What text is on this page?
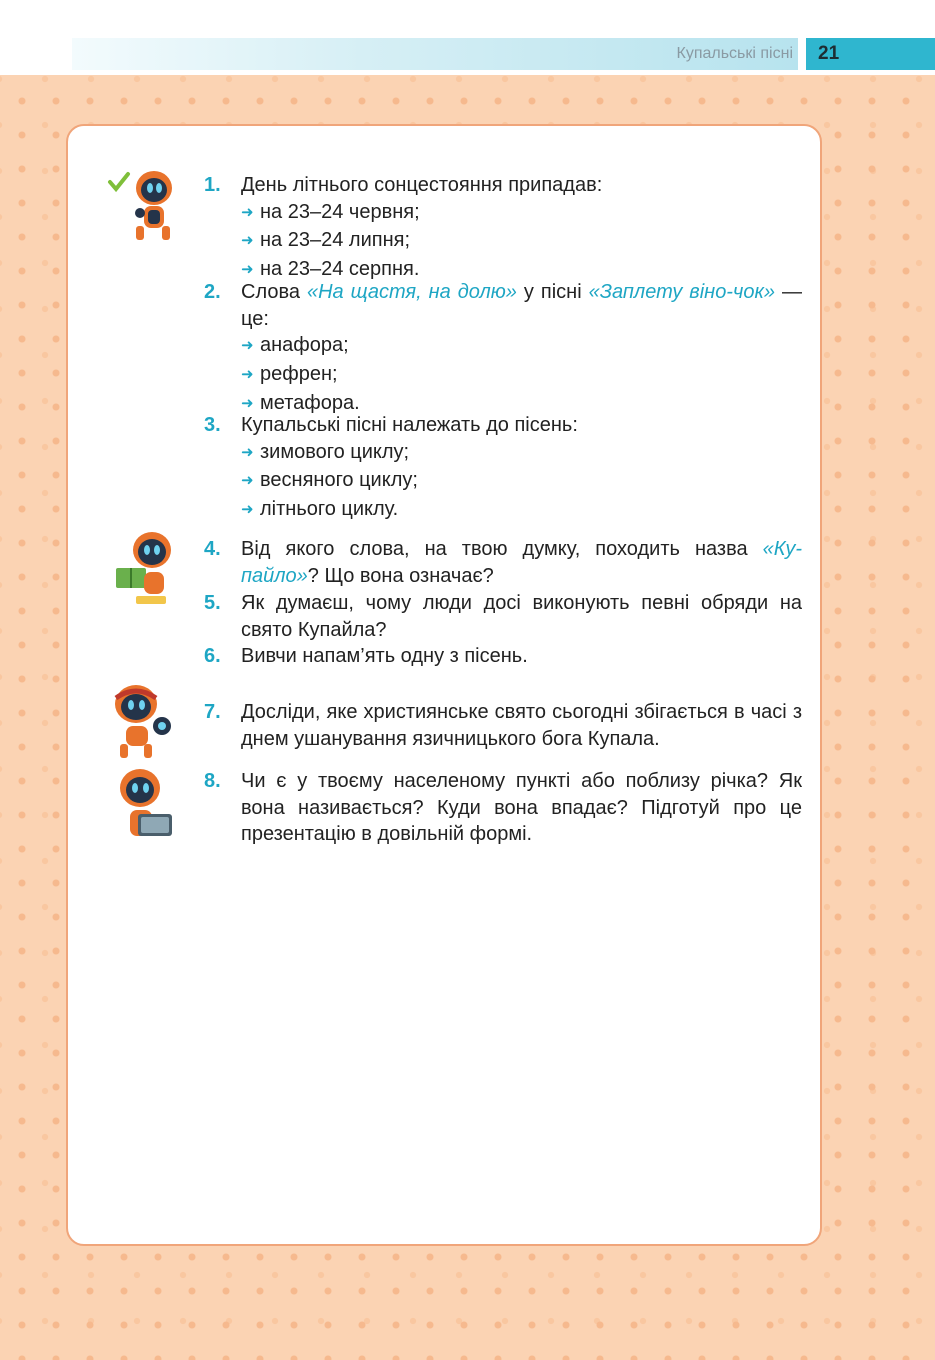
Купальські пісні	21
1. День літнього сонцестояння припадав:
➜ на 23–24 червня;
➜ на 23–24 липня;
➜ на 23–24 серпня.
2. Слова «На щастя, на долю» у пісні «Заплету віно-чок» — це:
➜ анафора;
➜ рефрен;
➜ метафора.
3. Купальські пісні належать до пісень:
➜ зимового циклу;
➜ весняного циклу;
➜ літнього циклу.
4. Від якого слова, на твою думку, походить назва «Ку-пайло»? Що вона означає?
5. Як думаєш, чому люди досі виконують певні обряди на свято Купайла?
6. Вивчи напам’ять одну з пісень.
7. Досліди, яке християнське свято сьогодні збігається в часі з днем ушанування язичницького бога Купала.
8. Чи є у твоєму населеному пункті або поблизу річка? Як вона називається? Куди вона впадає? Підготуй про це презентацію в довільній формі.
